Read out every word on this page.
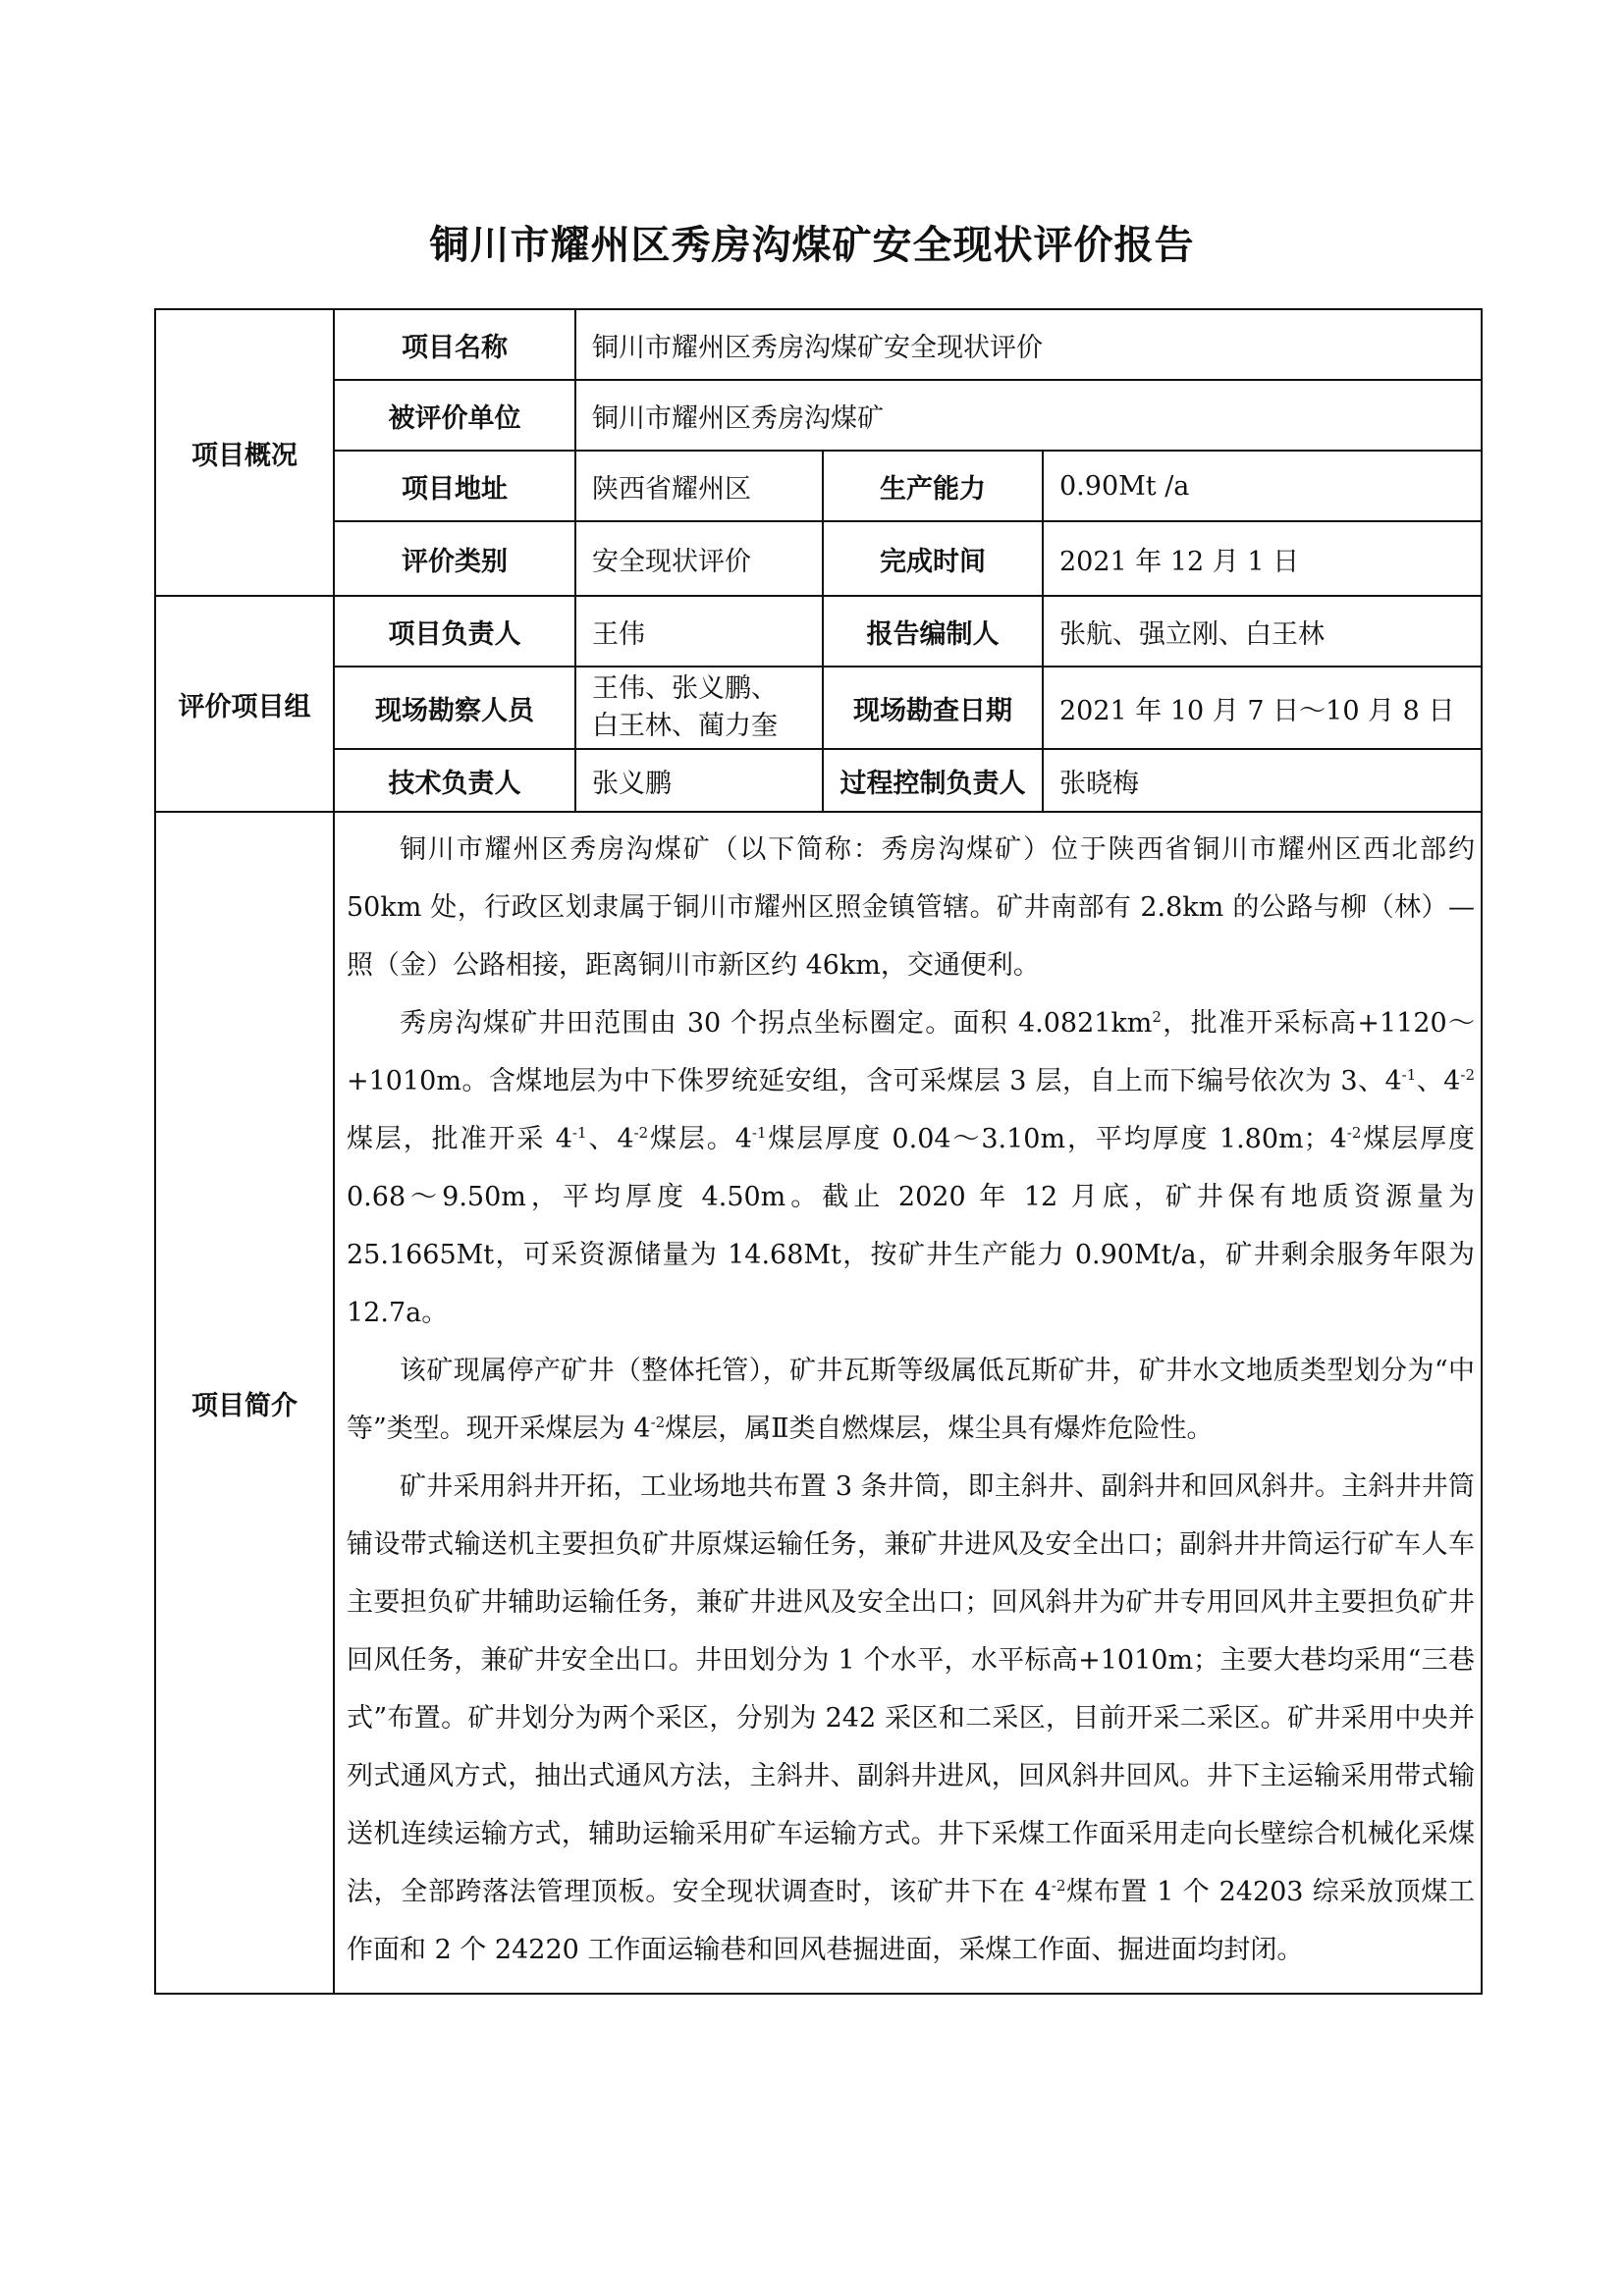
铜川市耀州区秀房沟煤矿安全现状评价报告
项目概况	项目名称	铜川市耀州区秀房沟煤矿安全现状评价		
	被评价单位	铜川市耀州区秀房沟煤矿		
	项目地址	陕西省耀州区	生产能力	0.90Mt /a
	评价类别	安全现状评价	完成时间	2021 年 12 月 1 日
评价项目组	项目负责人	王伟	报告编制人	张航、强立刚、白王林
	现场勘察人员	王伟、张义鹏、
白王林、蔺力奎	现场勘查日期	2021 年 10 月 7 日～10 月 8 日
	技术负责人	张义鹏	过程控制负责人	张晓梅
项目简介	铜川市耀州区秀房沟煤矿（以下简称：秀房沟煤矿）位于陕西省铜川市耀州区西北部约 50km 处，行政区划隶属于铜川市耀州区照金镇管辖。矿井南部有 2.8km 的公路与柳（林）—照（金）公路相接，距离铜川市新区约 46km，交通便利。

秀房沟煤矿井田范围由 30 个拐点坐标圈定。面积 $4.0821km^2$，批准开采标高+1120～+1010m。含煤地层为中下侏罗统延安组，含可采煤层 3 层，自上而下编号依次为 3、$4^{-1}$、$4^{-2}$煤层，批准开采 $4^{-1}$、$4^{-2}$煤层。$4^{-1}$煤层厚度 0.04～3.10m，平均厚度 1.80m；$4^{-2}$煤层厚度 0.68～9.50m，平均厚度 4.50m。截止 2020 年 12 月底，矿井保有地质资源量为 25.1665Mt，可采资源储量为 14.68Mt，按矿井生产能力 0.90Mt/a，矿井剩余服务年限为 12.7a。

该矿现属停产矿井（整体托管），矿井瓦斯等级属低瓦斯矿井，矿井水文地质类型划分为“中等”类型。现开采煤层为 $4^{-2}$煤层，属Ⅱ类自燃煤层，煤尘具有爆炸危险性。

矿井采用斜井开拓，工业场地共布置 3 条井筒，即主斜井、副斜井和回风斜井。主斜井井筒铺设带式输送机主要担负矿井原煤运输任务，兼矿井进风及安全出口；副斜井井筒运行矿车人车主要担负矿井辅助运输任务，兼矿井进风及安全出口；回风斜井为矿井专用回风井主要担负矿井回风任务，兼矿井安全出口。井田划分为 1 个水平，水平标高+1010m；主要大巷均采用“三巷式”布置。矿井划分为两个采区，分别为 242 采区和二采区，目前开采二采区。矿井采用中央并列式通风方式，抽出式通风方法，主斜井、副斜井进风，回风斜井回风。井下主运输采用带式输送机连续运输方式，辅助运输采用矿车运输方式。井下采煤工作面采用走向长壁综合机械化采煤法，全部跨落法管理顶板。安全现状调查时，该矿井下在 $4^{-2}$煤布置 1 个 24203 综采放顶煤工作面和 2 个 24220 工作面运输巷和回风巷掘进面，采煤工作面、掘进面均封闭。			
